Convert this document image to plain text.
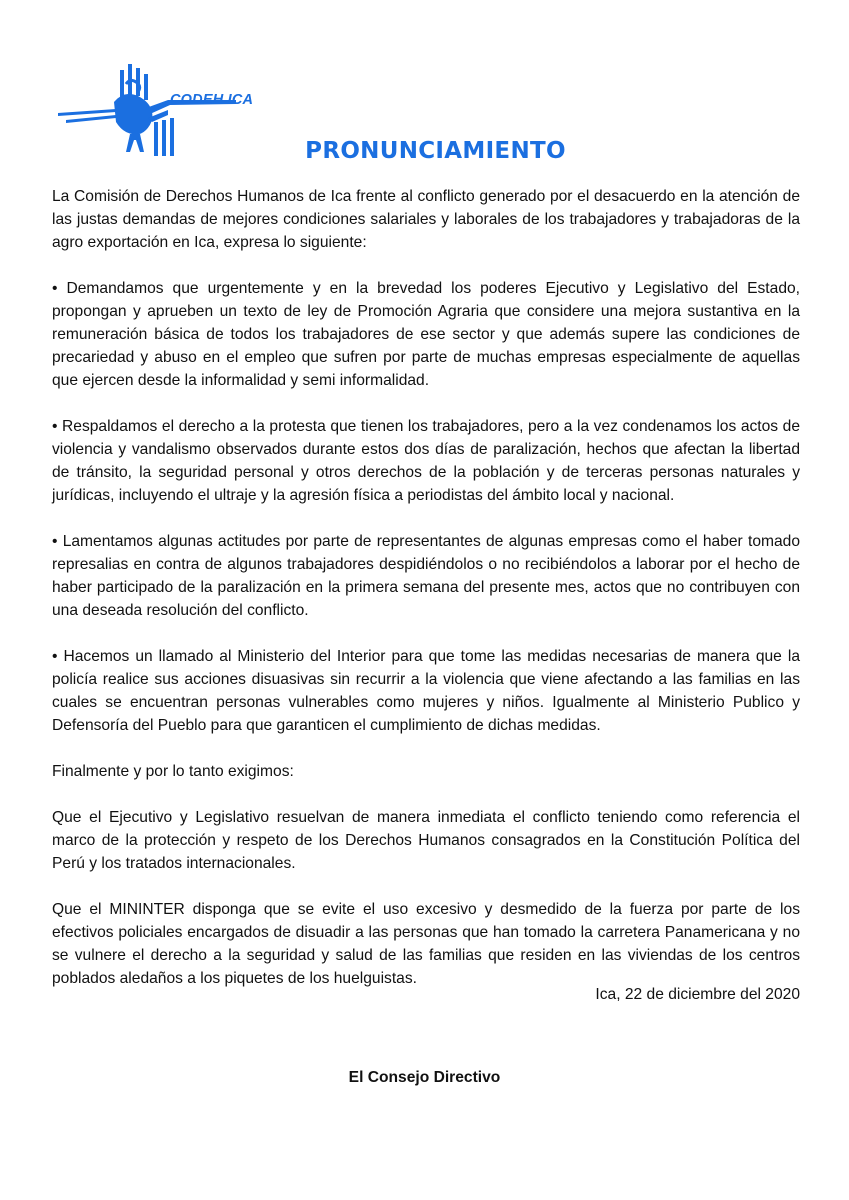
CODEH ICA
PRONUNCIAMIENTO

La Comisión de Derechos Humanos de Ica frente al conflicto generado por el desacuerdo en la atención de las justas demandas de mejores condiciones salariales y laborales de los trabajadores y trabajadoras de la agro exportación en Ica, expresa lo siguiente:

• Demandamos que urgentemente y en la brevedad los poderes Ejecutivo y Legislativo del Estado, propongan y aprueben un texto de ley de Promoción Agraria que considere una mejora sustantiva en la remuneración básica de todos los trabajadores de ese sector y que además supere las condiciones de precariedad y abuso en el empleo que sufren por parte de muchas empresas especialmente de aquellas que ejercen desde la informalidad y semi informalidad.

• Respaldamos el derecho a la protesta que tienen los trabajadores, pero a la vez condenamos los actos de violencia y vandalismo observados durante estos dos días de paralización, hechos que afectan la libertad de tránsito, la seguridad personal y otros derechos de la población y de terceras personas naturales y jurídicas, incluyendo el ultraje y la agresión física a periodistas del ámbito local y nacional.

• Lamentamos algunas actitudes por parte de representantes de algunas empresas como el haber tomado represalias en contra de algunos trabajadores despidiéndolos o no recibiéndolos a laborar por el hecho de haber participado de la paralización en la primera semana del presente mes, actos que no contribuyen con una deseada resolución del conflicto.

• Hacemos un llamado al Ministerio del Interior para que tome las medidas necesarias de manera que la policía realice sus acciones disuasivas sin recurrir a la violencia que viene afectando a las familias en las cuales se encuentran personas vulnerables como mujeres y niños. Igualmente al Ministerio Publico y Defensoría del Pueblo para que garanticen el cumplimiento de dichas medidas.

Finalmente y por lo tanto exigimos:

Que el Ejecutivo y Legislativo resuelvan de manera inmediata el conflicto teniendo como referencia el marco de la protección y respeto de los Derechos Humanos consagrados en la Constitución Política del Perú y los tratados internacionales.

Que el MININTER disponga que se evite el uso excesivo y desmedido de la fuerza por parte de los efectivos policiales encargados de disuadir a las personas que han tomado la carretera Panamericana y no se vulnere el derecho a la seguridad y salud de las familias que residen en las viviendas de los centros poblados aledaños a los piquetes de los huelguistas.

Ica, 22 de diciembre del 2020
El Consejo Directivo
